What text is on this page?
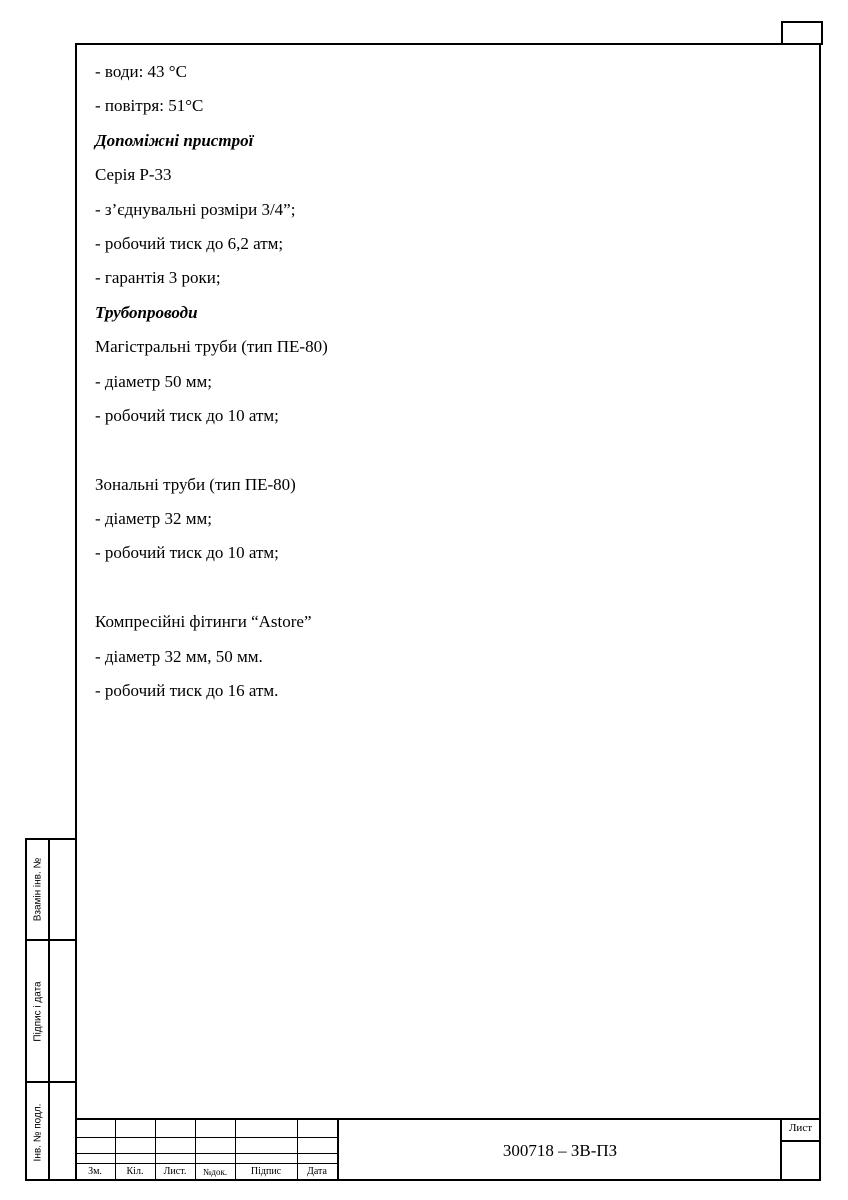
- води: 43 °C
- повітря: 51°C
Допоміжні пристрої
Серія P-33
- з’єднувальні розміри 3/4”;
- робочий тиск до 6,2 атм;
- гарантія 3 роки;
Трубопроводи
Магістральні труби (тип ПЕ-80)
- діаметр 50 мм;
- робочий тиск до 10 атм;
Зональні труби (тип ПЕ-80)
- діаметр 32 мм;
- робочий тиск до 10 атм;
Компресійні фітинги “Astore”
- діаметр 32 мм, 50 мм.
- робочий тиск до 16 атм.
Взамін інв. №
Підпис і дата
Інв. № подл.
Зм.	Кіл.	Лист.	№док.	Підпис	Дата
300718 – ЗВ-ПЗ
Лист
